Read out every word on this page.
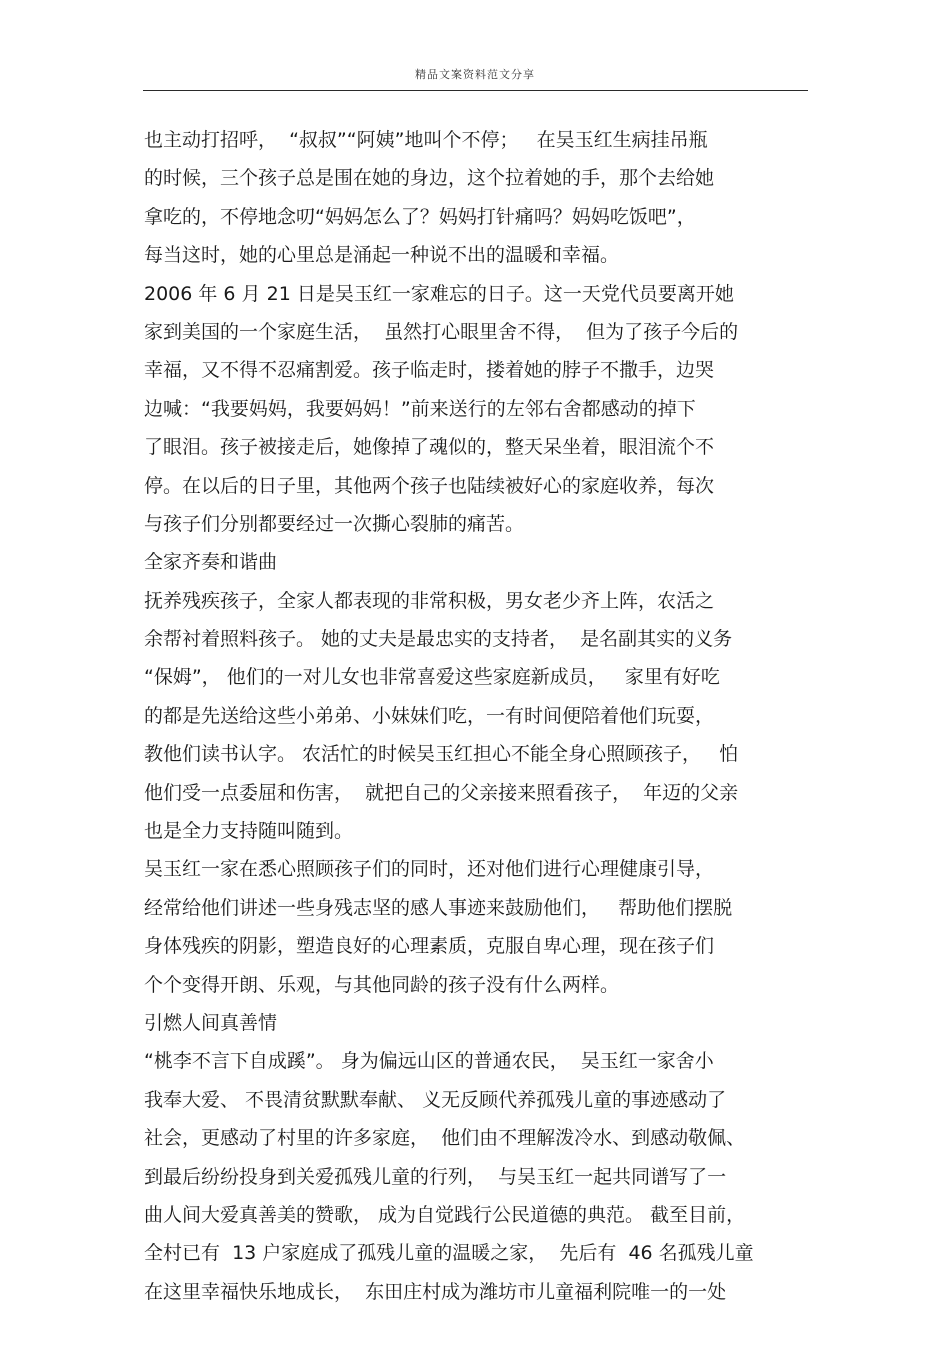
精品文案资料范文分享
也主动打招呼，  “叔叔”“阿姨”地叫个不停；   在吴玉红生病挂吊瓶
的时候，三个孩子总是围在她的身边，这个拉着她的手，那个去给她
拿吃的，不停地念叨“妈妈怎么了？妈妈打针痛吗？妈妈吃饭吧”，
每当这时，她的心里总是涌起一种说不出的温暖和幸福。
2006 年 6 月 21 日是吴玉红一家难忘的日子。这一天党代员要离开她
家到美国的一个家庭生活，  虽然打心眼里舍不得，  但为了孩子今后的
幸福，又不得不忍痛割爱。孩子临走时，搂着她的脖子不撒手，边哭
边喊：“我要妈妈，我要妈妈！”前来送行的左邻右舍都感动的掉下
了眼泪。孩子被接走后，她像掉了魂似的，整天呆坐着，眼泪流个不
停。在以后的日子里，其他两个孩子也陆续被好心的家庭收养，每次
与孩子们分别都要经过一次撕心裂肺的痛苦。
全家齐奏和谐曲
抚养残疾孩子，全家人都表现的非常积极，男女老少齐上阵，农活之
余帮衬着照料孩子。 她的丈夫是最忠实的支持者，  是名副其实的义务
“保姆”， 他们的一对儿女也非常喜爱这些家庭新成员，   家里有好吃
的都是先送给这些小弟弟、小妹妹们吃，一有时间便陪着他们玩耍，
教他们读书认字。 农活忙的时候吴玉红担心不能全身心照顾孩子，   怕
他们受一点委屈和伤害，  就把自己的父亲接来照看孩子，  年迈的父亲
也是全力支持随叫随到。
吴玉红一家在悉心照顾孩子们的同时，还对他们进行心理健康引导，
经常给他们讲述一些身残志坚的感人事迹来鼓励他们，   帮助他们摆脱
身体残疾的阴影，塑造良好的心理素质，克服自卑心理，现在孩子们
个个变得开朗、乐观，与其他同龄的孩子没有什么两样。
引燃人间真善情
“桃李不言下自成蹊”。 身为偏远山区的普通农民，  吴玉红一家舍小
我奉大爱、 不畏清贫默默奉献、 义无反顾代养孤残儿童的事迹感动了
社会，更感动了村里的许多家庭，  他们由不理解泼冷水、到感动敬佩、
到最后纷纷投身到关爱孤残儿童的行列，  与吴玉红一起共同谱写了一
曲人间大爱真善美的赞歌， 成为自觉践行公民道德的典范。 截至目前，
全村已有  13 户家庭成了孤残儿童的温暖之家，  先后有  46 名孤残儿童
在这里幸福快乐地成长，  东田庄村成为潍坊市儿童福利院唯一的一处
